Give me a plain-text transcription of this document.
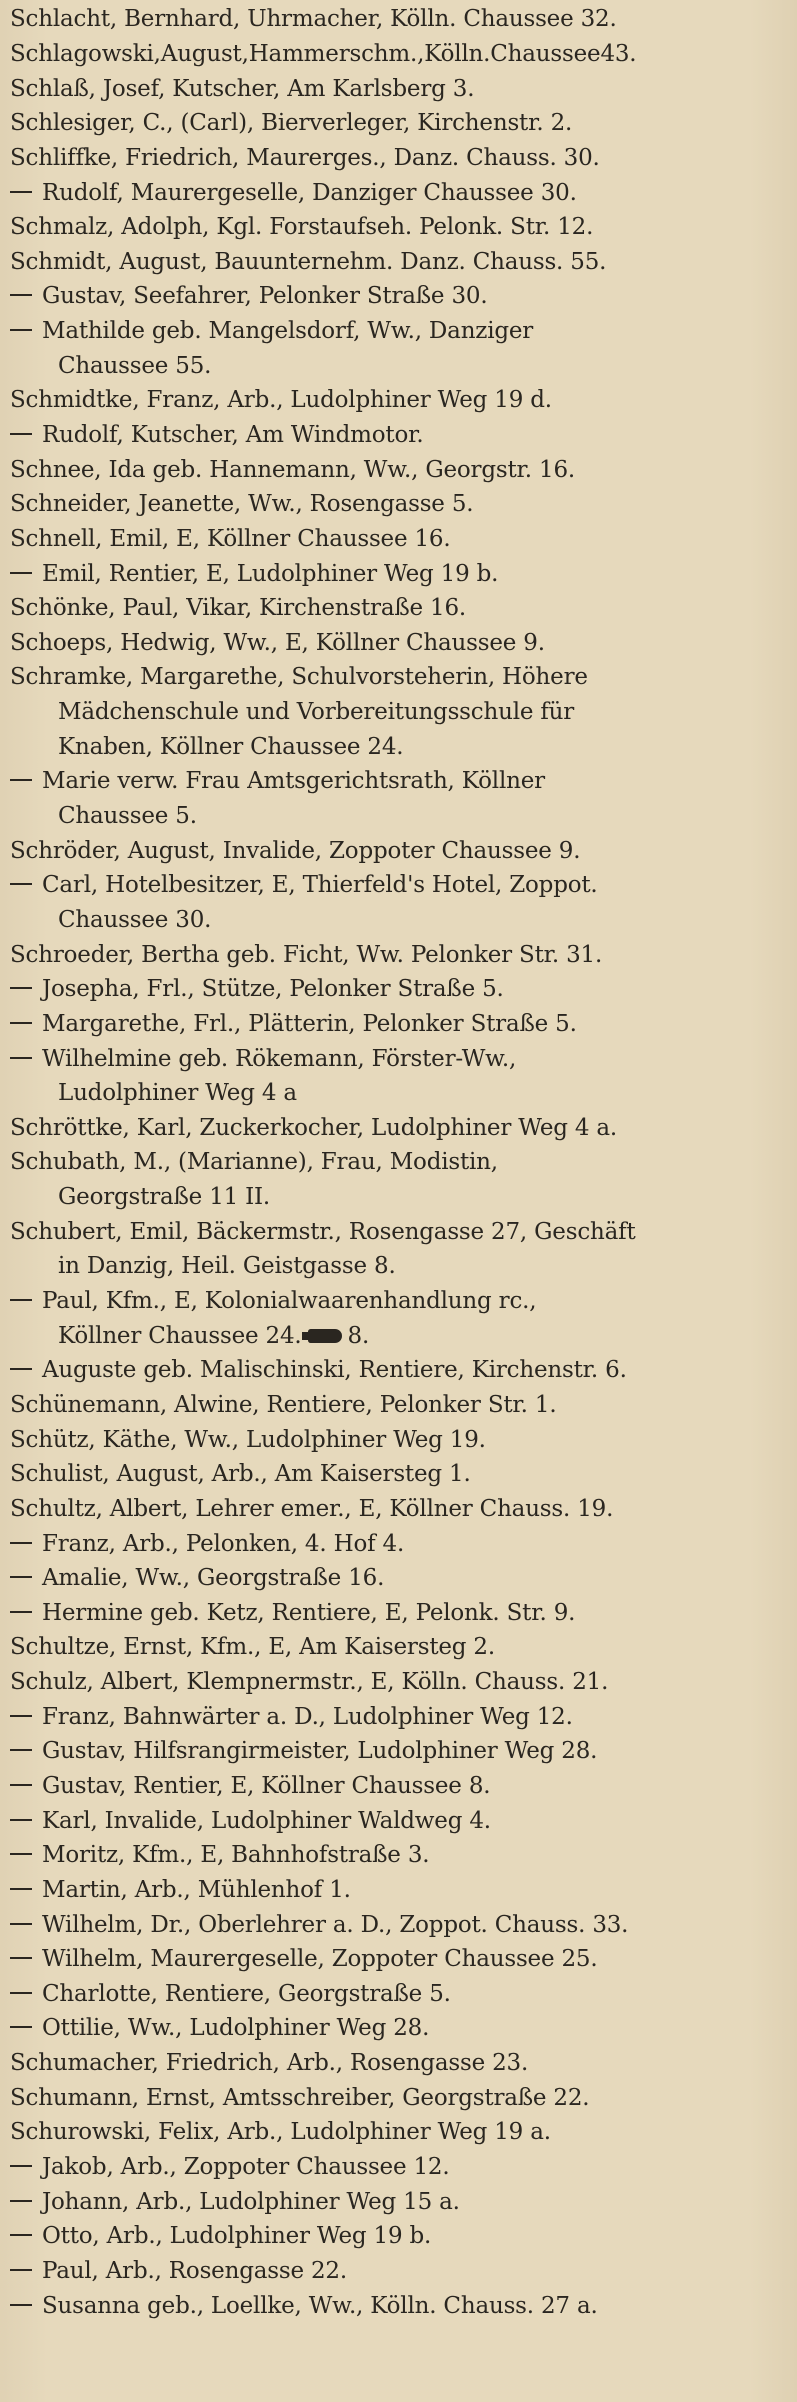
Schlacht, Bernhard, Uhrmacher, Kölln. Chaussee 32.
Schlagowski,August,Hammerschm.,Kölln.Chaussee43.
Schlaß, Josef, Kutscher, Am Karlsberg 3.
Schlesiger, C., (Carl), Bierverleger, Kirchenstr. 2.
Schliffke, Friedrich, Maurerges., Danz. Chauss. 30.
Rudolf, Maurergeselle, Danziger Chaussee 30.
Schmalz, Adolph, Kgl. Forstaufseh. Pelonk. Str. 12.
Schmidt, August, Bauunternehm. Danz. Chauss. 55.
Gustav, Seefahrer, Pelonker Straße 30.
Mathilde geb. Mangelsdorf, Ww., Danziger
Chaussee 55.
Schmidtke, Franz, Arb., Ludolphiner Weg 19 d.
Rudolf, Kutscher, Am Windmotor.
Schnee, Ida geb. Hannemann, Ww., Georgstr. 16.
Schneider, Jeanette, Ww., Rosengasse 5.
Schnell, Emil, E, Köllner Chaussee 16.
Emil, Rentier, E, Ludolphiner Weg 19 b.
Schönke, Paul, Vikar, Kirchenstraße 16.
Schoeps, Hedwig, Ww., E, Köllner Chaussee 9.
Schramke, Margarethe, Schulvorsteherin, Höhere
Mädchenschule und Vorbereitungsschule für
Knaben, Köllner Chaussee 24.
Marie verw. Frau Amtsgerichtsrath, Köllner
Chaussee 5.
Schröder, August, Invalide, Zoppoter Chaussee 9.
Carl, Hotelbesitzer, E, Thierfeld's Hotel, Zoppot.
Chaussee 30.
Schroeder, Bertha geb. Ficht, Ww. Pelonker Str. 31.
Josepha, Frl., Stütze, Pelonker Straße 5.
Margarethe, Frl., Plätterin, Pelonker Straße 5.
Wilhelmine geb. Rökemann, Förster-Ww.,
Ludolphiner Weg 4 a
Schröttke, Karl, Zuckerkocher, Ludolphiner Weg 4 a.
Schubath, M., (Marianne), Frau, Modistin,
Georgstraße 11 II.
Schubert, Emil, Bäckermstr., Rosengasse 27, Geschäft
in Danzig, Heil. Geistgasse 8.
Paul, Kfm., E, Kolonialwaarenhandlung rc.,
Köllner Chaussee 24. 8.
Auguste geb. Malischinski, Rentiere, Kirchenstr. 6.
Schünemann, Alwine, Rentiere, Pelonker Str. 1.
Schütz, Käthe, Ww., Ludolphiner Weg 19.
Schulist, August, Arb., Am Kaisersteg 1.
Schultz, Albert, Lehrer emer., E, Köllner Chauss. 19.
Franz, Arb., Pelonken, 4. Hof 4.
Amalie, Ww., Georgstraße 16.
Hermine geb. Ketz, Rentiere, E, Pelonk. Str. 9.
Schultze, Ernst, Kfm., E, Am Kaisersteg 2.
Schulz, Albert, Klempnermstr., E, Kölln. Chauss. 21.
Franz, Bahnwärter a. D., Ludolphiner Weg 12.
Gustav, Hilfsrangirmeister, Ludolphiner Weg 28.
Gustav, Rentier, E, Köllner Chaussee 8.
Karl, Invalide, Ludolphiner Waldweg 4.
Moritz, Kfm., E, Bahnhofstraße 3.
Martin, Arb., Mühlenhof 1.
Wilhelm, Dr., Oberlehrer a. D., Zoppot. Chauss. 33.
Wilhelm, Maurergeselle, Zoppoter Chaussee 25.
Charlotte, Rentiere, Georgstraße 5.
Ottilie, Ww., Ludolphiner Weg 28.
Schumacher, Friedrich, Arb., Rosengasse 23.
Schumann, Ernst, Amtsschreiber, Georgstraße 22.
Schurowski, Felix, Arb., Ludolphiner Weg 19 a.
Jakob, Arb., Zoppoter Chaussee 12.
Johann, Arb., Ludolphiner Weg 15 a.
Otto, Arb., Ludolphiner Weg 19 b.
Paul, Arb., Rosengasse 22.
Susanna geb., Loellke, Ww., Kölln. Chauss. 27 a.
